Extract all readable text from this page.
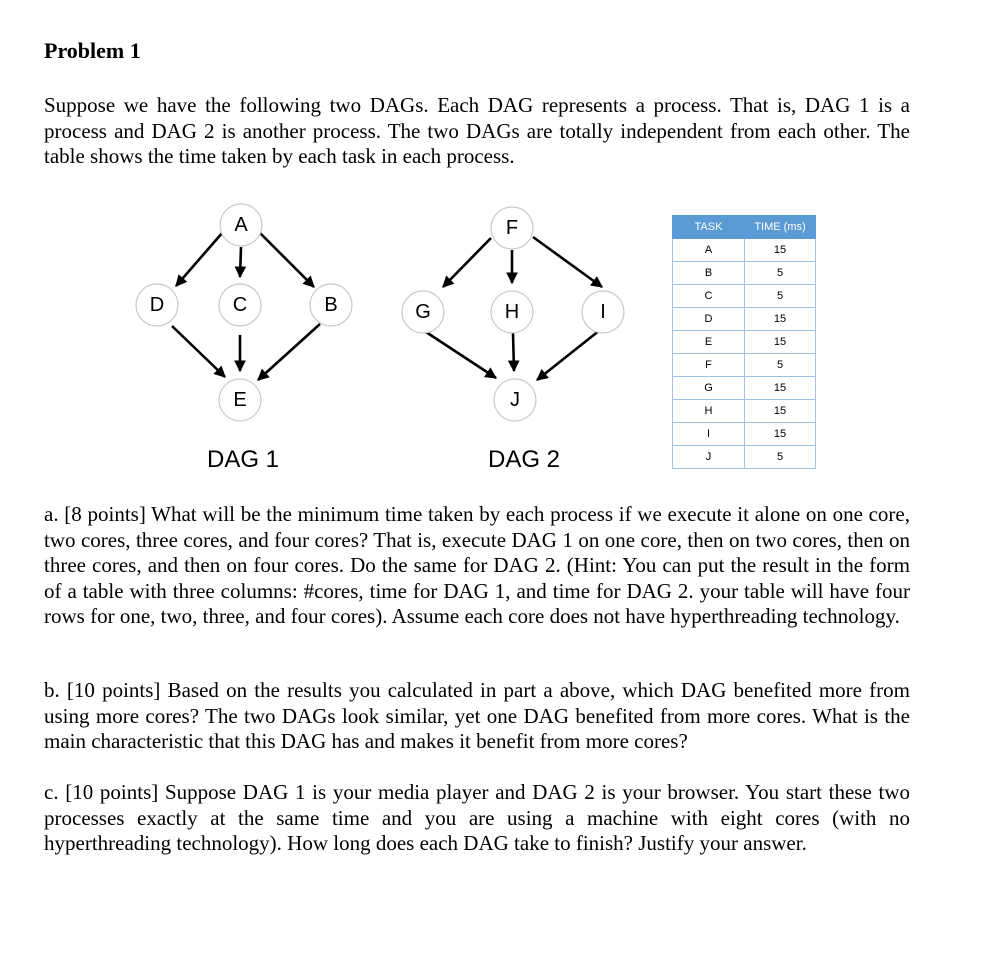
Problem 1

Suppose we have the following two DAGs. Each DAG represents a process. That is, DAG 1 is a process and DAG 2 is another process. The two DAGs are totally independent from each other. The table shows the time taken by each task in each process.

A
D	C	B
E
F
G	H	I
J
DAG 1	DAG 2
TASK	TIME (ms)
A	15
B	5
C	5
D	15
E	15
F	5
G	15
H	15
I	15
J	5

a. [8 points] What will be the minimum time taken by each process if we execute it alone on one core, two cores, three cores, and four cores? That is, execute DAG 1 on one core, then on two cores, then on three cores, and then on four cores. Do the same for DAG 2. (Hint: You can put the result in the form of a table with three columns: #cores, time for DAG 1, and time for DAG 2. your table will have four rows for one, two, three, and four cores). Assume each core does not have hyperthreading technology.

b. [10 points] Based on the results you calculated in part a above, which DAG benefited more from using more cores? The two DAGs look similar, yet one DAG benefited from more cores. What is the main characteristic that this DAG has and makes it benefit from more cores?

c. [10 points] Suppose DAG 1 is your media player and DAG 2 is your browser. You start these two processes exactly at the same time and you are using a machine with eight cores (with no hyperthreading technology). How long does each DAG take to finish? Justify your answer.
